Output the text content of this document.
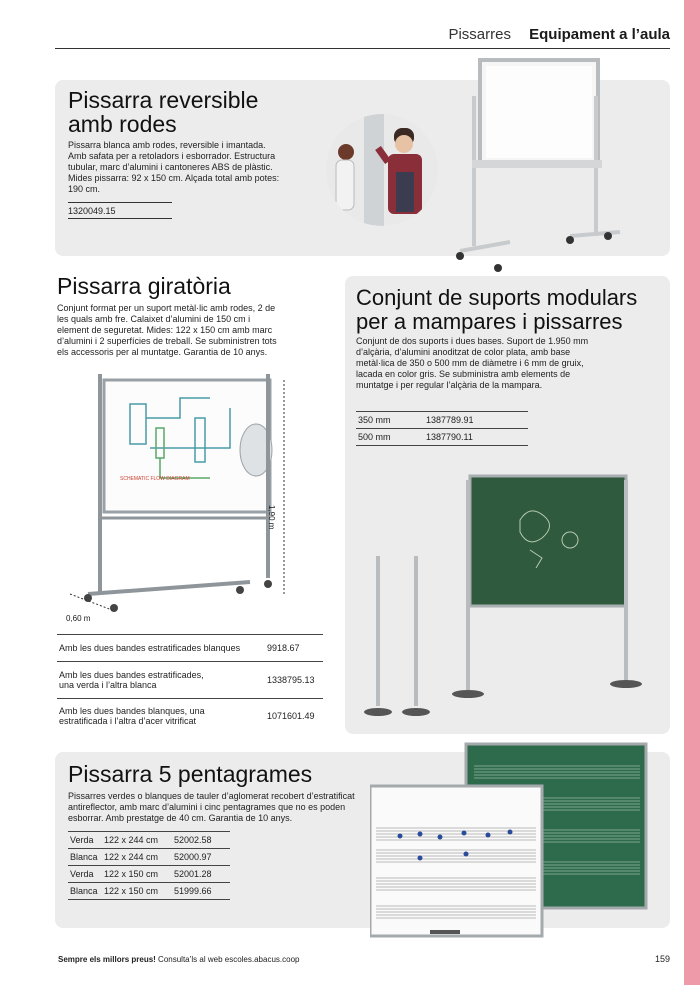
Pissarres Equipament a l’aula
Pissarra reversible
amb rodes
Pissarra blanca amb rodes, reversible i imantada. Amb safata per a retoladors i esborrador. Estructura tubular, marc d’alumini i cantoneres ABS de plàstic. Mides pissarra: 92 x 150 cm. Alçada total amb potes: 190 cm.
1320049.15
Pissarra giratòria
Conjunt format per un suport metàl·lic amb rodes, 2 de les quals amb fre. Calaixet d’alumini de 150 cm i element de seguretat. Mides: 122 x 150 cm amb marc d’alumini i 2 superfícies de treball. Se subministren tots els accessoris per al muntatge. Garantia de 10 anys.
SCHEMATIC FLOW DIAGRAM
1,90 m
0,60 m
Amb les dues bandes estratificades blanques	9918.67
Amb les dues bandes estratificades,
una verda i l’altra blanca	1338795.13
Amb les dues bandes blanques, una
estratificada i l’altra d’acer vitrificat	1071601.49
Conjunt de suports modulars
per a mampares i pissarres
Conjunt de dos suports i dues bases. Suport de 1.950 mm d’alçària, d’alumini anoditzat de color plata, amb base metàl·lica de 350 o 500 mm de diàmetre i 6 mm de gruix, lacada en color gris. Se subministra amb elements de muntatge i per regular l’alçària de la mampara.
350 mm	1387789.91
500 mm	1387790.11

Pissarra 5 pentagrames
Pissarres verdes o blanques de tauler d’aglomerat recobert d’estratificat antireflector, amb marc d’alumini i cinc pentagrames que no es poden esborrar. Amb prestatge de 40 cm. Garantia de 10 anys.
Verda	122 x 244 cm	52002.58
Blanca	122 x 244 cm	52000.97
Verda	122 x 150 cm	52001.28
Blanca	122 x 150 cm	51999.66

Sempre els millors preus! Consulta’ls al web escoles.abacus.coop	159
